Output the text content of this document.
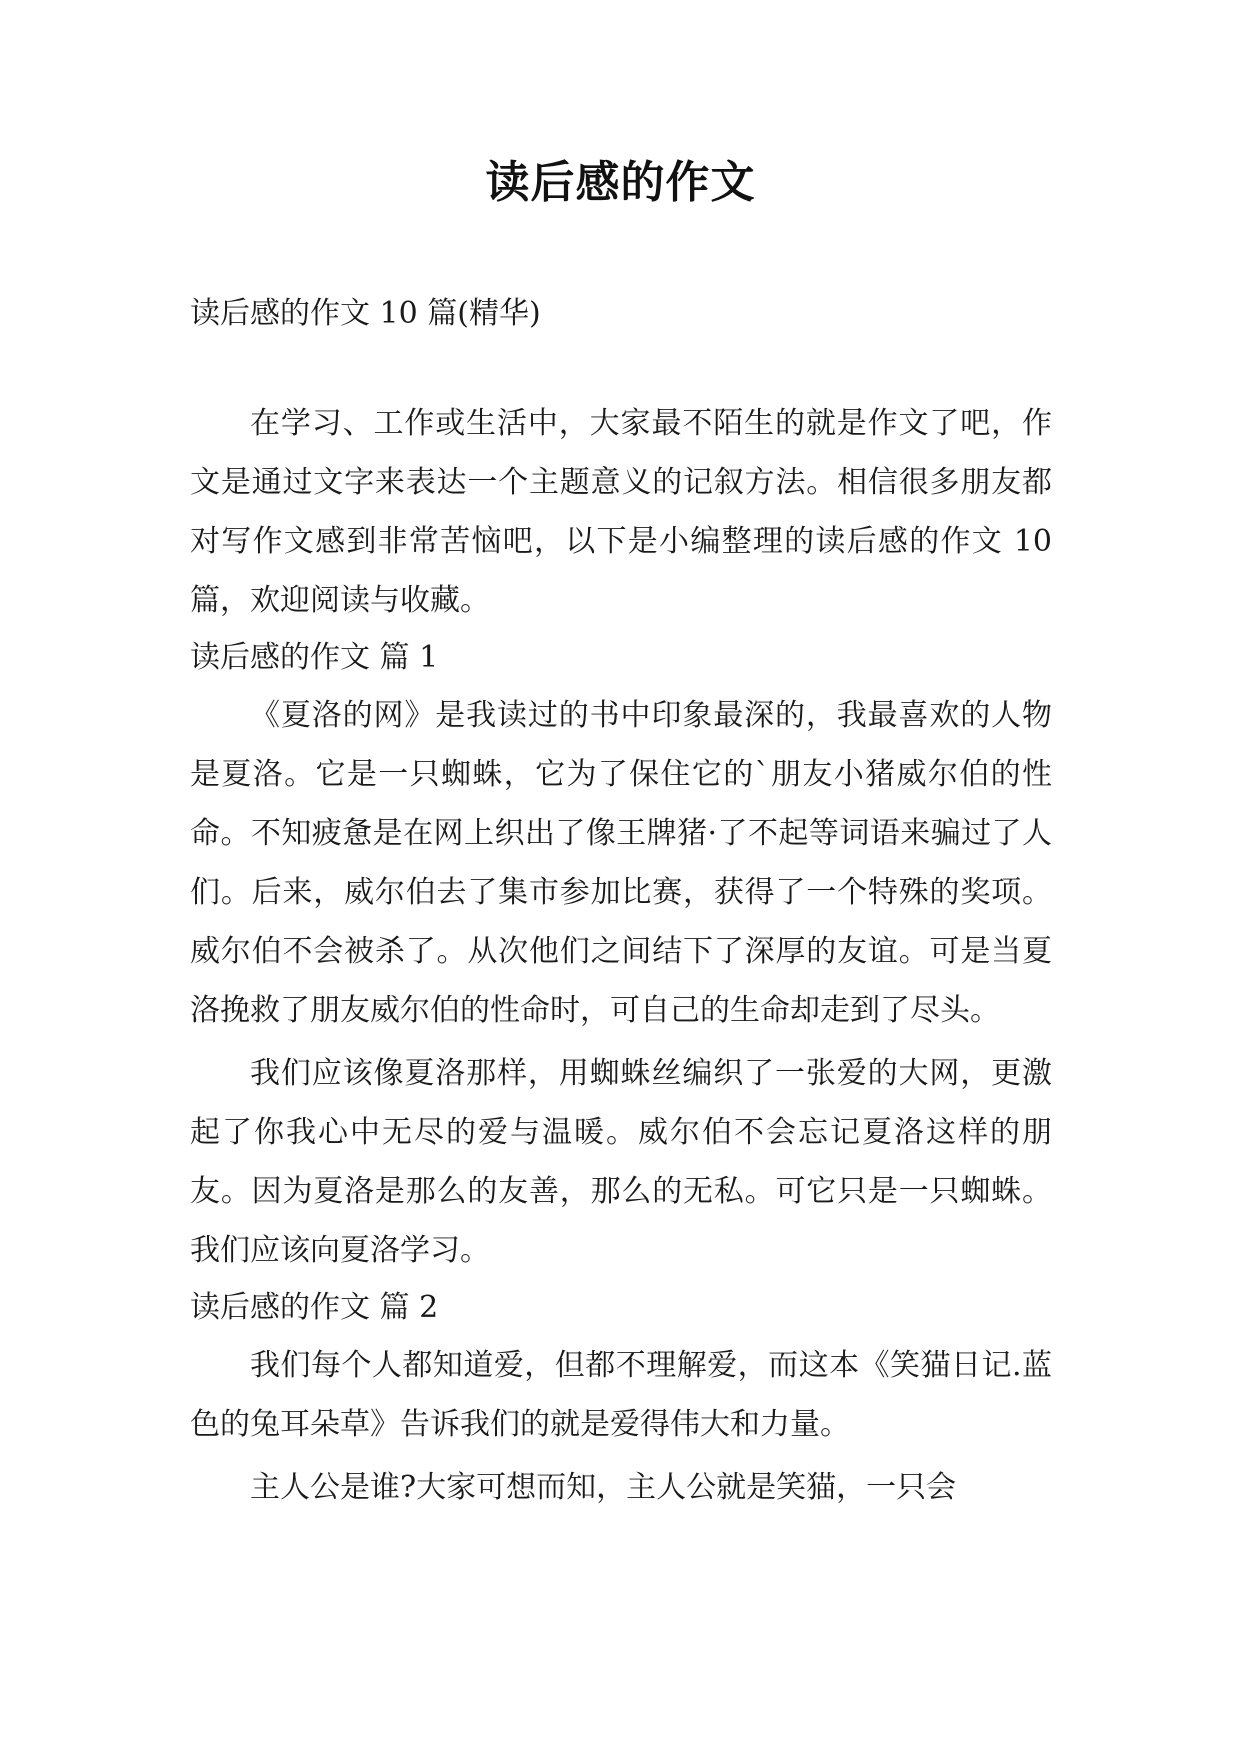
读后感的作文

读后感的作文 10 篇(精华)

在学习、工作或生活中，大家最不陌生的就是作文了吧，作文是通过文字来表达一个主题意义的记叙方法。相信很多朋友都对写作文感到非常苦恼吧，以下是小编整理的读后感的作文 10 篇，欢迎阅读与收藏。

读后感的作文 篇 1

《夏洛的网》是我读过的书中印象最深的，我最喜欢的人物是夏洛。它是一只蜘蛛，它为了保住它的`朋友小猪威尔伯的性命。不知疲惫是在网上织出了像王牌猪·了不起等词语来骗过了人们。后来，威尔伯去了集市参加比赛，获得了一个特殊的奖项。威尔伯不会被杀了。从次他们之间结下了深厚的友谊。可是当夏洛挽救了朋友威尔伯的性命时，可自己的生命却走到了尽头。

我们应该像夏洛那样，用蜘蛛丝编织了一张爱的大网，更激起了你我心中无尽的爱与温暖。威尔伯不会忘记夏洛这样的朋友。因为夏洛是那么的友善，那么的无私。可它只是一只蜘蛛。我们应该向夏洛学习。

读后感的作文 篇 2

我们每个人都知道爱，但都不理解爱，而这本《笑猫日记.蓝色的兔耳朵草》告诉我们的就是爱得伟大和力量。

主人公是谁?大家可想而知，主人公就是笑猫，一只会
